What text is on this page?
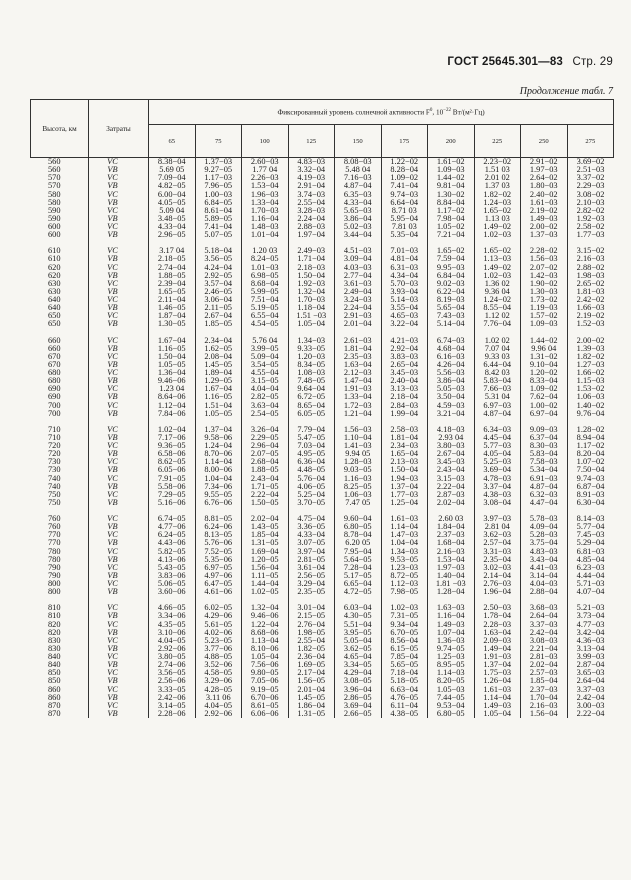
ГОСТ 25645.301—83 Стр. 29
Продолжение табл. 7
Высота, км	Затраты	Фиксированный уровень солнечной активности $F^0$, $10^{-22}$ Вт/(м²·Гц)									
		65	75	100	125	150	175	200	225	250	275
560	VC	8.38−04	1.37−03	2.60−03	4.83−03	8.08−03	1.22−02	1.61−02	2.23−02	2.91−02	3.69−02
560	VB	5.69 05	9.27−05	1.77 04	3.32−04	5.48 04	8.28−04	1.09−03	1.51 03	1.97−03	2.51−03
570	VC	7.09−04	1.17−03	2.26−03	4.19−03	7.16−03	1.09−02	1.44−02	2.01 02	2.64−02	3.37−02
570	VB	4.82−05	7.96−05	1.53−04	2.91−04	4.87−04	7.41−04	9.81−04	1.37 03	1.80−03	2.29−03
580	VC	6.00−04	1.00−03	1.96−03	3.74−03	6.35−03	9.74−03	1.30−02	1.82−02	2.40−02	3.08−02
580	VB	4.05−05	6.84−05	1.33−04	2.55−04	4.33−04	6.64−04	8.84−04	1.24−03	1.61−03	2.10−03
590	VC	5.09 04	8.61−04	1.70−03	3.28−03	5.65−03	8.71 03	1.17−02	1.65−02	2.19−02	2.82−02
590	VB	3.48−05	5.89−05	1.16−04	2.24−04	3.86−04	5.95−04	7.98−04	1.13 03	1.49−03	1.92−03
600	VC	4.33−04	7.41−04	1.48−03	2.88−03	5.02−03	7.81 03	1.05−02	1.49−02	2.00−02	2.58−02
600	VB	2.96−05	5.07−05	1.01−04	1.97−04	3.44−04	5.35−04	7.21−04	1.02−03	1.37−03	1.77−03

610	VC	3.17 04	5.18−04	1.20 03	2.49−03	4.51−03	7.01−03	1.65−02	1.65−02	2.28−02	3.15−02
610	VB	2.18−05	3.56−05	8.24−05	1.71−04	3.09−04	4.81−04	7.59−04	1.13−03	1.56−03	2.16−03
620	VC	2.74−04	4.24−04	1.01−03	2.18−03	4.03−03	6.31−03	9.95−03	1.49−02	2.07−02	2.88−02
620	VB	1.88−05	2.92−05	6.98−05	1.50−04	2.77−04	4.34−04	6.84−04	1.02−03	1.42−03	1.98−03
630	VC	2.39−04	3.57−04	8.68−04	1.92−03	3.61−03	5.70−03	9.02−03	1.36 02	1.90−02	2.65−02
630	VB	1.65−05	2.46−05	5.99−05	1.32−04	2.49−04	3.93−04	6.22−04	9.36 04	1.30−03	1.81−03
640	VC	2.11−04	3.06−04	7.51−04	1.70−03	3.24−03	5.14−03	8.19−03	1.24−02	1.73−02	2.42−02
640	VB	1.46−05	2.11−05	5.19−05	1.18−04	2.24−04	3.55−04	5.65−04	8.55−04	1.19−03	1.66−03
650	VC	1.87−04	2.67−04	6.55−04	1.51 −03	2.91−03	4.65−03	7.43−03	1.12 02	1.57−02	2.19−02
650	VB	1.30−05	1.85−05	4.54−05	1.05−04	2.01−04	3.22−04	5.14−04	7.76−04	1.09−03	1.52−03

660	VC	1.67−04	2.34−04	5.76 04	1.34−03	2.61−03	4.21−03	6.74−03	1.02 02	1.44−02	2.00−02
660	VB	1.16−05	1.62−05	3.99−05	9.33−05	1.81−04	2.92−04	4.68−04	7.07 04	9.96 04	1.39−03
670	VC	1.50−04	2.08−04	5.09−04	1.20−03	2.35−03	3.83−03	6.16−03	9.33 03	1.31−02	1.82−02
670	VB	1.05−05	1.45−05	3.54−05	8.34−05	1.63−04	2.65−04	4.26−04	6.44−04	9.10−04	1.27−03
680	VC	1.36−04	1.89−04	4.55−04	1.08−03	2.12−03	3.45−03	5.56−03	8.42 03	1.20−02	1.66−02
680	VB	9.46−06	1.29−05	3.15−05	7.48−05	1.47−04	2.40−04	3.86−04	5.83−04	8.33−04	1.15−03
690	VC	1.23 04	1.67−04	4.04−04	9.64−04	1.91−03	3.13−03	5.05−03	7.66−03	1.09−02	1.53−02
690	VB	8.64−06	1.16−05	2.82−05	6.72−05	1.33−04	2.18−04	3.50−04	5.31 04	7.62−04	1.06−03
700	VC	1.12−04	1.51−04	3.63−04	8.65−04	1.72−03	2.84−03	4.59−03	6.97−03	1.00−02	1.40−02
700	VB	7.84−06	1.05−05	2.54−05	6.05−05	1.21−04	1.99−04	3.21−04	4.87−04	6.97−04	9.76−04

710	VC	1.02−04	1.37−04	3.26−04	7.79−04	1.56−03	2.58−03	4.18−03	6.34−03	9.09−03	1.28−02
710	VB	7.17−06	9.58−06	2.29−05	5.47−05	1.10−04	1.81−04	2.93 04	4.45−04	6.37−04	8.94−04
720	VC	9.36−05	1.24−04	2.96−04	7.03−04	1.41−03	2.34−03	3.80−03	5.77−03	8.30−03	1.17−02
720	VB	6.58−06	8.70−06	2.07−05	4.95−05	9.94 05	1.65−04	2.67−04	4.05−04	5.83−04	8.20−04
730	VC	8.62−05	1.14−04	2.68−04	6.36−04	1.28−03	2.13−03	3.45−03	5.25−03	7.58−03	1.07−02
730	VB	6.05−06	8.00−06	1.88−05	4.48−05	9.03−05	1.50−04	2.43−04	3.69−04	5.34−04	7.50−04
740	VC	7.91−05	1.04−04	2.43−04	5.76−04	1.16−03	1.94−03	3.15−03	4.78−03	6.91−03	9.74−03
740	VB	5.58−06	7.34−06	1.71−05	4.06−05	8.25−05	1.37−04	2.22−04	3.37−04	4.87−04	6.87−04
750	VC	7.29−05	9.55−05	2.22−04	5.25−04	1.06−03	1.77−03	2.87−03	4.38−03	6.32−03	8.91−03
750	VB	5.16−06	6.76−06	1.50−05	3.70−05	7.47 05	1.25−04	2.02−04	3.08−04	4.47−04	6.30−04

760	VC	6.74−05	8.81−05	2.02−04	4.75−04	9.60−04	1.61−03	2.60 03	3.97−03	5.78−03	8.14−03
760	VB	4.77−06	6.24−06	1.43−05	3.36−05	6.80−05	1.14−04	1.84−04	2.81 04	4.09−04	5.77−04
770	VC	6.24−05	8.13−05	1.85−04	4.33−04	8.78−04	1.47−03	2.37−03	3.62−03	5.28−03	7.45−03
770	VB	4.43−06	5.76−06	1.31−05	3.07−05	6.20 05	1.04−04	1.68−04	2.57−04	3.75−04	5.29−04
780	VC	5.82−05	7.52−05	1.69−04	3.97−04	7.95−04	1.34−03	2.16−03	3.31−03	4.83−03	6.81−03
780	VB	4.13−06	5.35−06	1.20−05	2.81−05	5.64−05	9.53−05	1.53−04	2.35−04	3.43−04	4.85−04
790	VC	5.43−05	6.97−05	1.56−04	3.61−04	7.28−04	1.23−03	1.97−03	3.02−03	4.41−03	6.23−03
790	VB	3.83−06	4.97−06	1.11−05	2.56−05	5.17−05	8.72−05	1.40−04	2.14−04	3.14−04	4.44−04
800	VC	5.06−05	6.47−05	1.44−04	3.29−04	6.65−04	1.12−03	1.81 −03	2.76−03	4.04−03	5.71−03
800	VB	3.60−06	4.61−06	1.02−05	2.35−05	4.72−05	7.98−05	1.28−04	1.96−04	2.88−04	4.07−04

810	VC	4.66−05	6.02−05	1.32−04	3.01−04	6.03−04	1.02−03	1.63−03	2.50−03	3.68−03	5.21−03
810	VB	3.34−06	4.29−06	9.46−06	2.15−05	4.30−05	7.31−05	1.16−04	1.78−04	2.64−04	3.73−04
820	VC	4.35−05	5.61−05	1.22−04	2.76−04	5.51−04	9.34−04	1.49−03	2.28−03	3.37−03	4.77−03
820	VB	3.10−06	4.02−06	8.68−06	1.98−05	3.95−05	6.70−05	1.07−04	1.63−04	2.42−04	3.42−04
830	VC	4.04−05	5.23−05	1.13−04	2.55−04	5.05−04	8.56−04	1.36−03	2.09−03	3.08−03	4.36−03
830	VB	2.92−06	3.77−06	8.10−06	1.82−05	3.62−05	6.15−05	9.74−05	1.49−04	2.21−04	3.13−04
840	VC	3.80−05	4.88−05	1.05−04	2.36−04	4.65−04	7.85−04	1.25−03	1.91−03	2.81−03	3.99−03
840	VB	2.74−06	3.52−06	7.56−06	1.69−05	3.34−05	5.65−05	8.95−05	1.37−04	2.02−04	2.87−04
850	VC	3.56−05	4.58−05	9.80−05	2.17−04	4.29−04	7.18−04	1.14−03	1.75−03	2.57−03	3.65−03
850	VB	2.56−06	3.29−06	7.05−06	1.56−05	3.08−05	5.18−05	8.20−05	1.26−04	1.85−04	2.64−04
860	VC	3.33−05	4.28−05	9.19−05	2.01−04	3.96−04	6.63−04	1.05−03	1.61−03	2.37−03	3.37−03
860	VB	2.42−06	3.11 06	6.70−06	1.45−05	2.86−05	4.76−05	7.44−05	1.14−04	1.70−04	2.42−04
870	VC	3.14−05	4.04−05	8.61−05	1.86−04	3.69−04	6.11−04	9.53−04	1.49−03	2.16−03	3.00−03
870	VB	2.28−06	2.92−06	6.06−06	1.31−05	2.66−05	4.38−05	6.80−05	1.05−04	1.56−04	2.22−04
